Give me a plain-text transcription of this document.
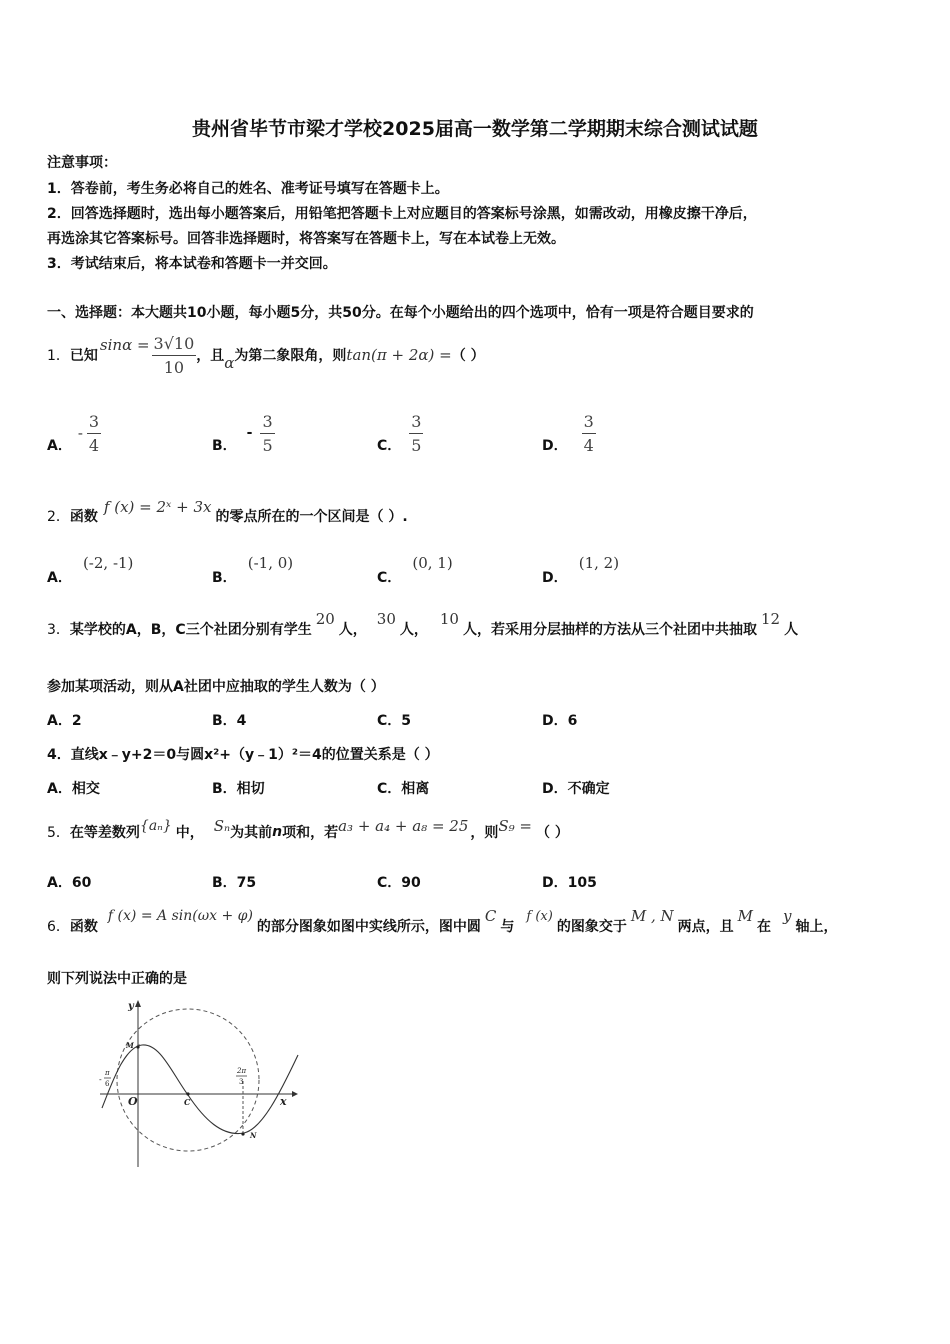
贵州省毕节市梁才学校2025届高一数学第二学期期末综合测试试题
注意事项：
1．答卷前，考生务必将自己的姓名、准考证号填写在答题卡上。
2．回答选择题时，选出每小题答案后，用铅笔把答题卡上对应题目的答案标号涂黑，如需改动，用橡皮擦干净后，
再选涂其它答案标号。回答非选择题时，将答案写在答题卡上，写在本试卷上无效。
3．考试结束后，将本试卷和答题卡一并交回。
一、选择题：本大题共10小题，每小题5分，共50分。在每个小题给出的四个选项中，恰有一项是符合题目要求的
1． 已知
$\sin\alpha = \frac{3√10}{10}$ ，且 α 为第二象限角，则 tan(π + 2α) = （ ）
A．
- $\frac{3}{4}$	B．
- $\frac{3}{5}$	C． $\frac{3}{5}$	D． $\frac{3}{4}$
2． 函数
f (x) = 2ˣ + 3x
的零点所在的一个区间是（ ）.
A． (-2, -1)
B． (-1, 0)
C． (0, 1)
D． (1, 2)
3． 某学校的A，B，C三个社团分别有学生
20
人，
30
人，
10
人，若采用分层抽样的方法从三个社团中共抽取
12
人
参加某项活动，则从A社团中应抽取的学生人数为（ ）
A．2	B．4	C．5	D．6
4．直线x﹣y+2＝0与圆x²+（y﹣1）²＝4的位置关系是（ ）
A．相交	B．相切	C．相离	D．不确定
5． 在等差数列 {aₙ} 中， Sₙ 为其前 n 项和，若 a₃ + a₄ + a₈ = 25 ，则 S₉ = （ ）
A．60	B．75	C．90	D．105
6． 函数
f (x) = A sin(ωx + φ)
的部分图象如图中实线所示，图中圆
C
与
f (x)
的图象交于
M , N
两点，且
M
在
y
轴上，
则下列说法中正确的是
y
x
O
M
C
N
-
π
6
2π
3
